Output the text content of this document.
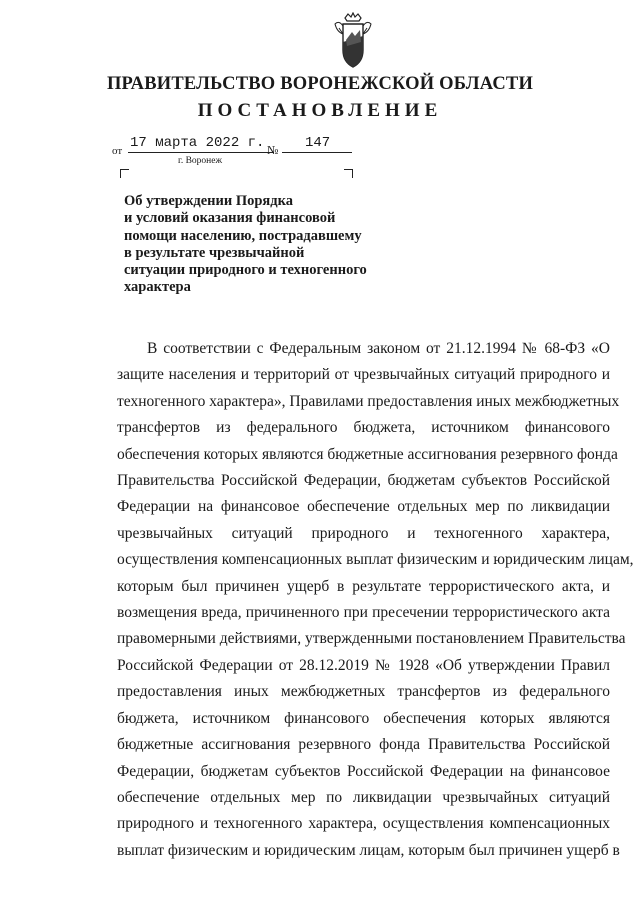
ПРАВИТЕЛЬСТВО ВОРОНЕЖСКОЙ ОБЛАСТИ
ПОСТАНОВЛЕНИЕ
от 17 марта 2022 г.
г. Воронеж
№ 147
Об утверждении Порядка
и условий оказания финансовой
помощи населению, пострадавшему
в результате чрезвычайной
ситуации природного и техногенного
характера
В соответствии с Федеральным законом от 21.12.1994 № 68-ФЗ «О
защите населения и территорий от чрезвычайных ситуаций природного и
техногенного характера», Правилами предоставления иных межбюджетных
трансфертов из федерального бюджета, источником финансового
обеспечения которых являются бюджетные ассигнования резервного фонда
Правительства Российской Федерации, бюджетам субъектов Российской
Федерации на финансовое обеспечение отдельных мер по ликвидации
чрезвычайных ситуаций природного и техногенного характера,
осуществления компенсационных выплат физическим и юридическим лицам,
которым был причинен ущерб в результате террористического акта, и
возмещения вреда, причиненного при пресечении террористического акта
правомерными действиями, утвержденными постановлением Правительства
Российской Федерации от 28.12.2019 № 1928 «Об утверждении Правил
предоставления иных межбюджетных трансфертов из федерального
бюджета, источником финансового обеспечения которых являются
бюджетные ассигнования резервного фонда Правительства Российской
Федерации, бюджетам субъектов Российской Федерации на финансовое
обеспечение отдельных мер по ликвидации чрезвычайных ситуаций
природного и техногенного характера, осуществления компенсационных
выплат физическим и юридическим лицам, которым был причинен ущерб в
